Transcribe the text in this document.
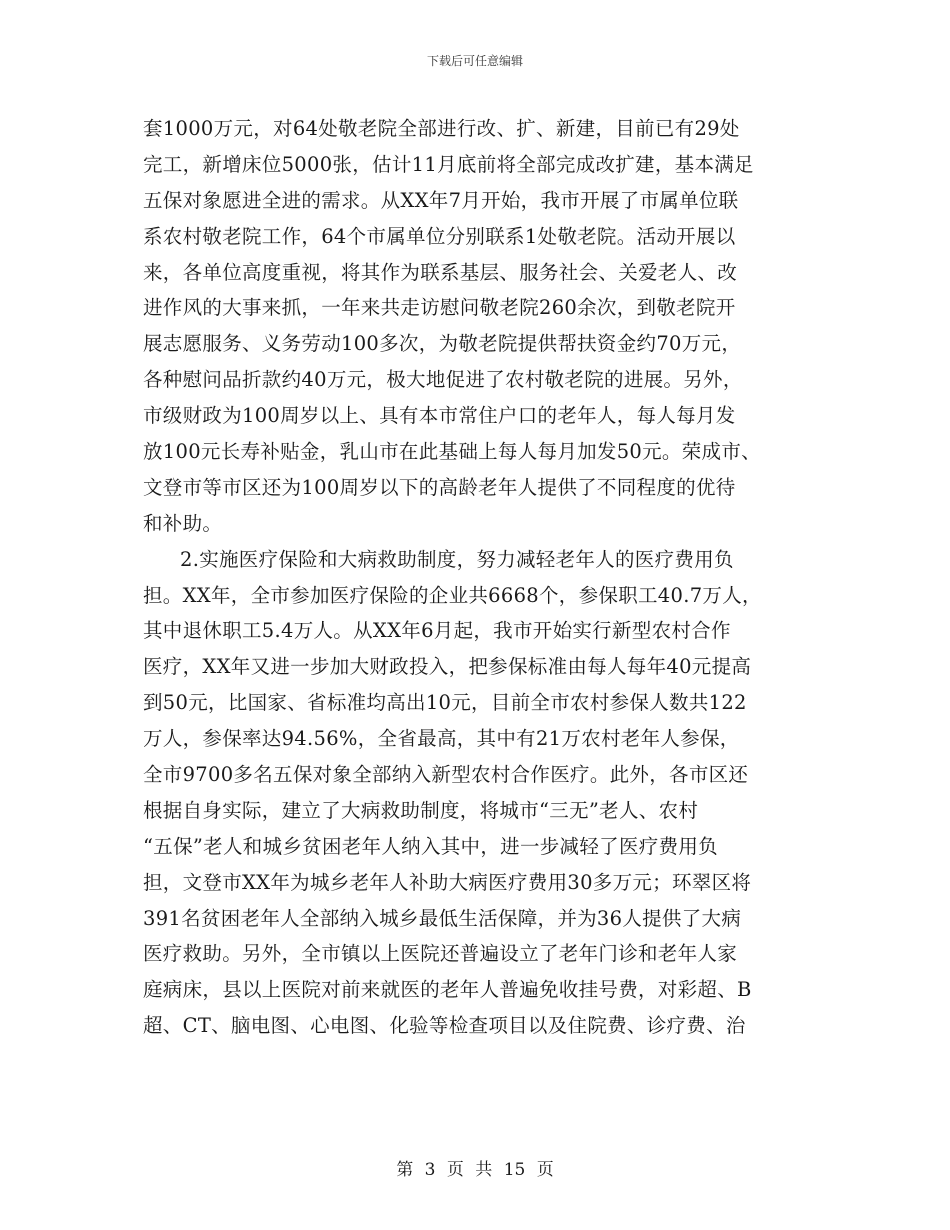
下载后可任意编辑
套1000万元，对64处敬老院全部进行改、扩、新建，目前已有29处
完工，新增床位5000张，估计11月底前将全部完成改扩建，基本满足
五保对象愿进全进的需求。从XX年7月开始，我市开展了市属单位联
系农村敬老院工作，64个市属单位分别联系1处敬老院。活动开展以
来，各单位高度重视，将其作为联系基层、服务社会、关爱老人、改
进作风的大事来抓，一年来共走访慰问敬老院260余次，到敬老院开
展志愿服务、义务劳动100多次，为敬老院提供帮扶资金约70万元，
各种慰问品折款约40万元，极大地促进了农村敬老院的进展。另外，
市级财政为100周岁以上、具有本市常住户口的老年人，每人每月发
放100元长寿补贴金，乳山市在此基础上每人每月加发50元。荣成市、
文登市等市区还为100周岁以下的高龄老年人提供了不同程度的优待
和补助。
2.实施医疗保险和大病救助制度，努力减轻老年人的医疗费用负
担。XX年，全市参加医疗保险的企业共6668个，参保职工40.7万人，
其中退休职工5.4万人。从XX年6月起，我市开始实行新型农村合作
医疗，XX年又进一步加大财政投入，把参保标准由每人每年40元提高
到50元，比国家、省标准均高出10元，目前全市农村参保人数共122
万人，参保率达94.56%，全省最高，其中有21万农村老年人参保，
全市9700多名五保对象全部纳入新型农村合作医疗。此外，各市区还
根据自身实际，建立了大病救助制度，将城市“三无”老人、农村
“五保”老人和城乡贫困老年人纳入其中，进一步减轻了医疗费用负
担，文登市XX年为城乡老年人补助大病医疗费用30多万元；环翠区将
391名贫困老年人全部纳入城乡最低生活保障，并为36人提供了大病
医疗救助。另外，全市镇以上医院还普遍设立了老年门诊和老年人家
庭病床，县以上医院对前来就医的老年人普遍免收挂号费，对彩超、B
超、CT、脑电图、心电图、化验等检查项目以及住院费、诊疗费、治
第 3 页 共 15 页
